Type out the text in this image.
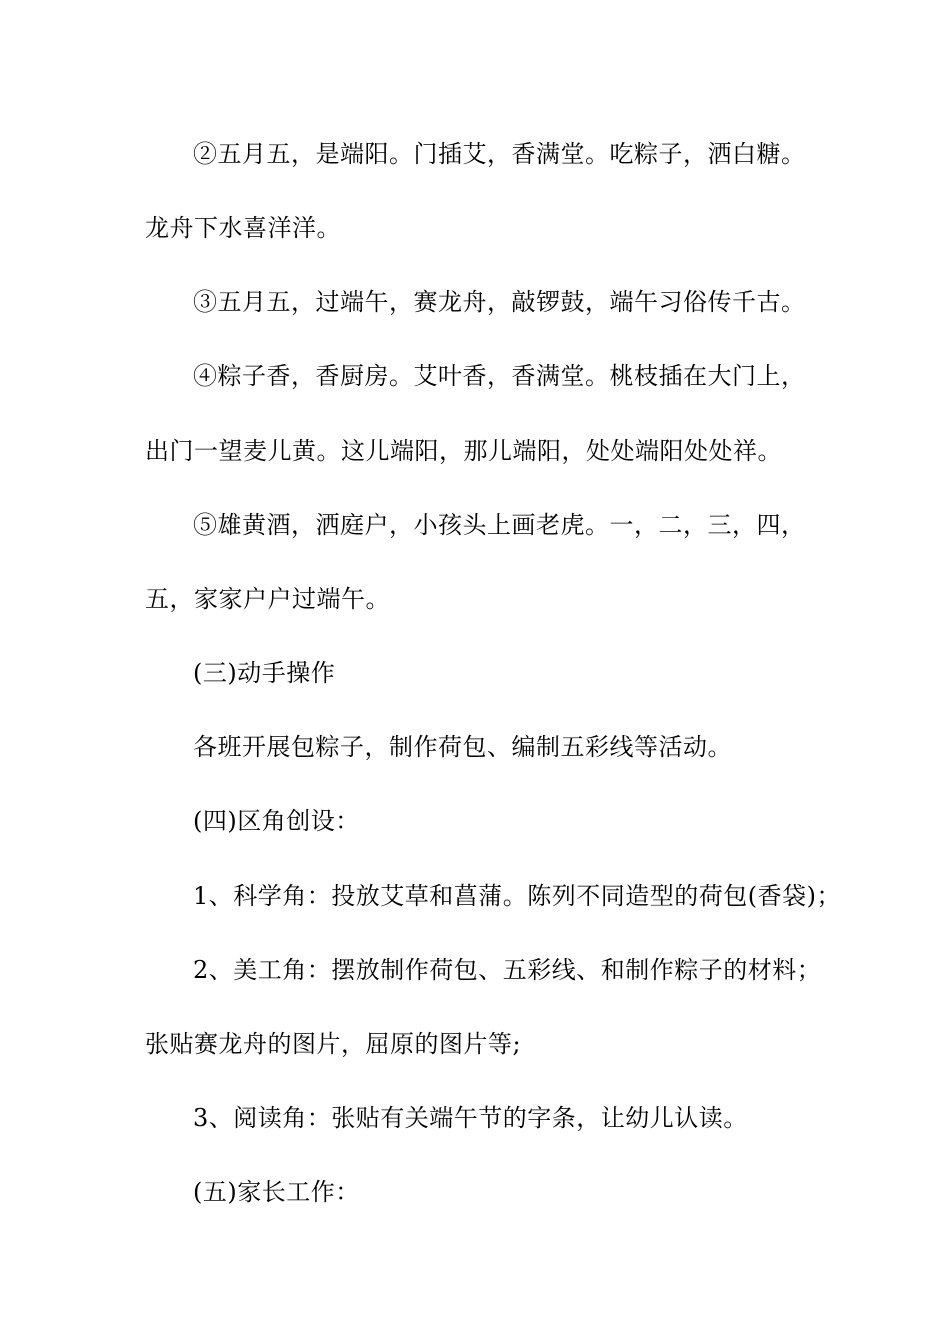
②五月五，是端阳。门插艾，香满堂。吃粽子，洒白糖。
龙舟下水喜洋洋。
③五月五，过端午，赛龙舟，敲锣鼓，端午习俗传千古。
④粽子香，香厨房。艾叶香，香满堂。桃枝插在大门上，
出门一望麦儿黄。这儿端阳，那儿端阳，处处端阳处处祥。
⑤雄黄酒，洒庭户，小孩头上画老虎。一，二，三，四，
五，家家户户过端午。
(三)动手操作
各班开展包粽子，制作荷包、编制五彩线等活动。
(四)区角创设：
1、科学角：投放艾草和菖蒲。陈列不同造型的荷包(香袋)；
2、美工角：摆放制作荷包、五彩线、和制作粽子的材料；
张贴赛龙舟的图片，屈原的图片等;
3、阅读角：张贴有关端午节的字条，让幼儿认读。
(五)家长工作：
